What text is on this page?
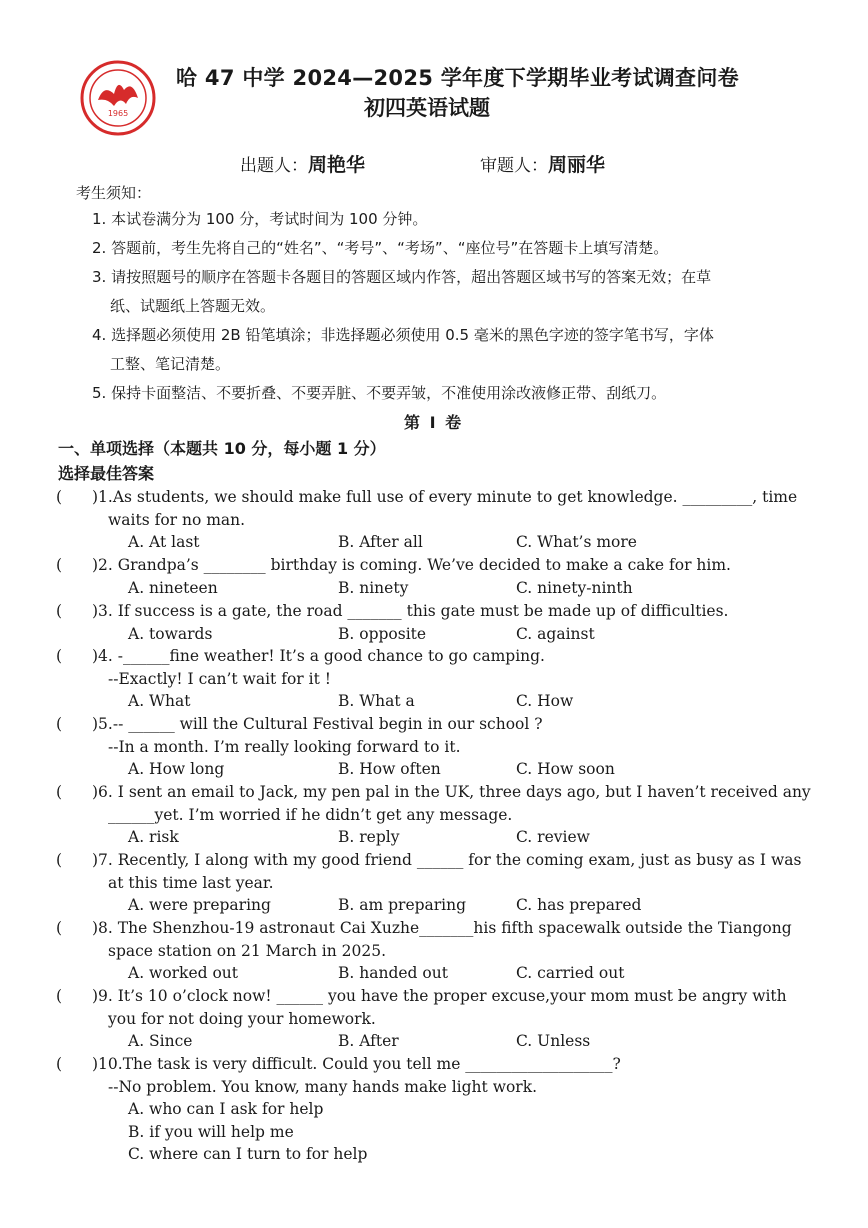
1965
哈 47 中学 2024—2025 学年度下学期毕业考试调查问卷
初四英语试题
出题人：周艳华	审题人：周丽华
考生须知：
1. 本试卷满分为 100 分，考试时间为 100 分钟。
2. 答题前，考生先将自己的“姓名”、“考号”、“考场”、“座位号”在答题卡上填写清楚。
3. 请按照题号的顺序在答题卡各题目的答题区域内作答，超出答题区域书写的答案无效；在草
纸、试题纸上答题无效。
4. 选择题必须使用 2B 铅笔填涂；非选择题必须使用 0.5 毫米的黑色字迹的签字笔书写，字体
工整、笔记清楚。
5. 保持卡面整洁、不要折叠、不要弄脏、不要弄皱，不准使用涂改液修正带、刮纸刀。
第 I 卷
一、单项选择（本题共 10 分，每小题 1 分）
选择最佳答案
(	)1.As students, we should make full use of every minute to get knowledge. _________, time
waits for no man.
A. At last	B. After all	C. What’s more
(	)2. Grandpa’s ________ birthday is coming. We’ve decided to make a cake for him.
A. nineteen	B. ninety	C. ninety-ninth
(	)3. If success is a gate, the road _______ this gate must be made up of difficulties.
A. towards	B. opposite	C. against
(	)4. -______fine weather! It’s a good chance to go camping.
--Exactly! I can’t wait for it !
A. What	B. What a	C. How
(	)5.-- ______ will the Cultural Festival begin in our school ?
--In a month. I’m really looking forward to it.
A. How long	B. How often	C. How soon
(	)6. I sent an email to Jack, my pen pal in the UK, three days ago, but I haven’t received any
______yet. I’m worried if he didn’t get any message.
A. risk	B. reply	C. review
(	)7. Recently, I along with my good friend ______ for the coming exam, just as busy as I was
at this time last year.
A. were preparing	B. am preparing	C. has prepared
(	)8. The Shenzhou-19 astronaut Cai Xuzhe_______his fifth spacewalk outside the Tiangong
space station on 21 March in 2025.
A. worked out	B. handed out	C. carried out
(	)9. It’s 10 o’clock now! ______ you have the proper excuse,your mom must be angry with
you for not doing your homework.
A. Since	B. After	C. Unless
(	)10.The task is very difficult. Could you tell me ___________________?
--No problem. You know, many hands make light work.
A. who can I ask for help
B. if you will help me
C. where can I turn to for help
